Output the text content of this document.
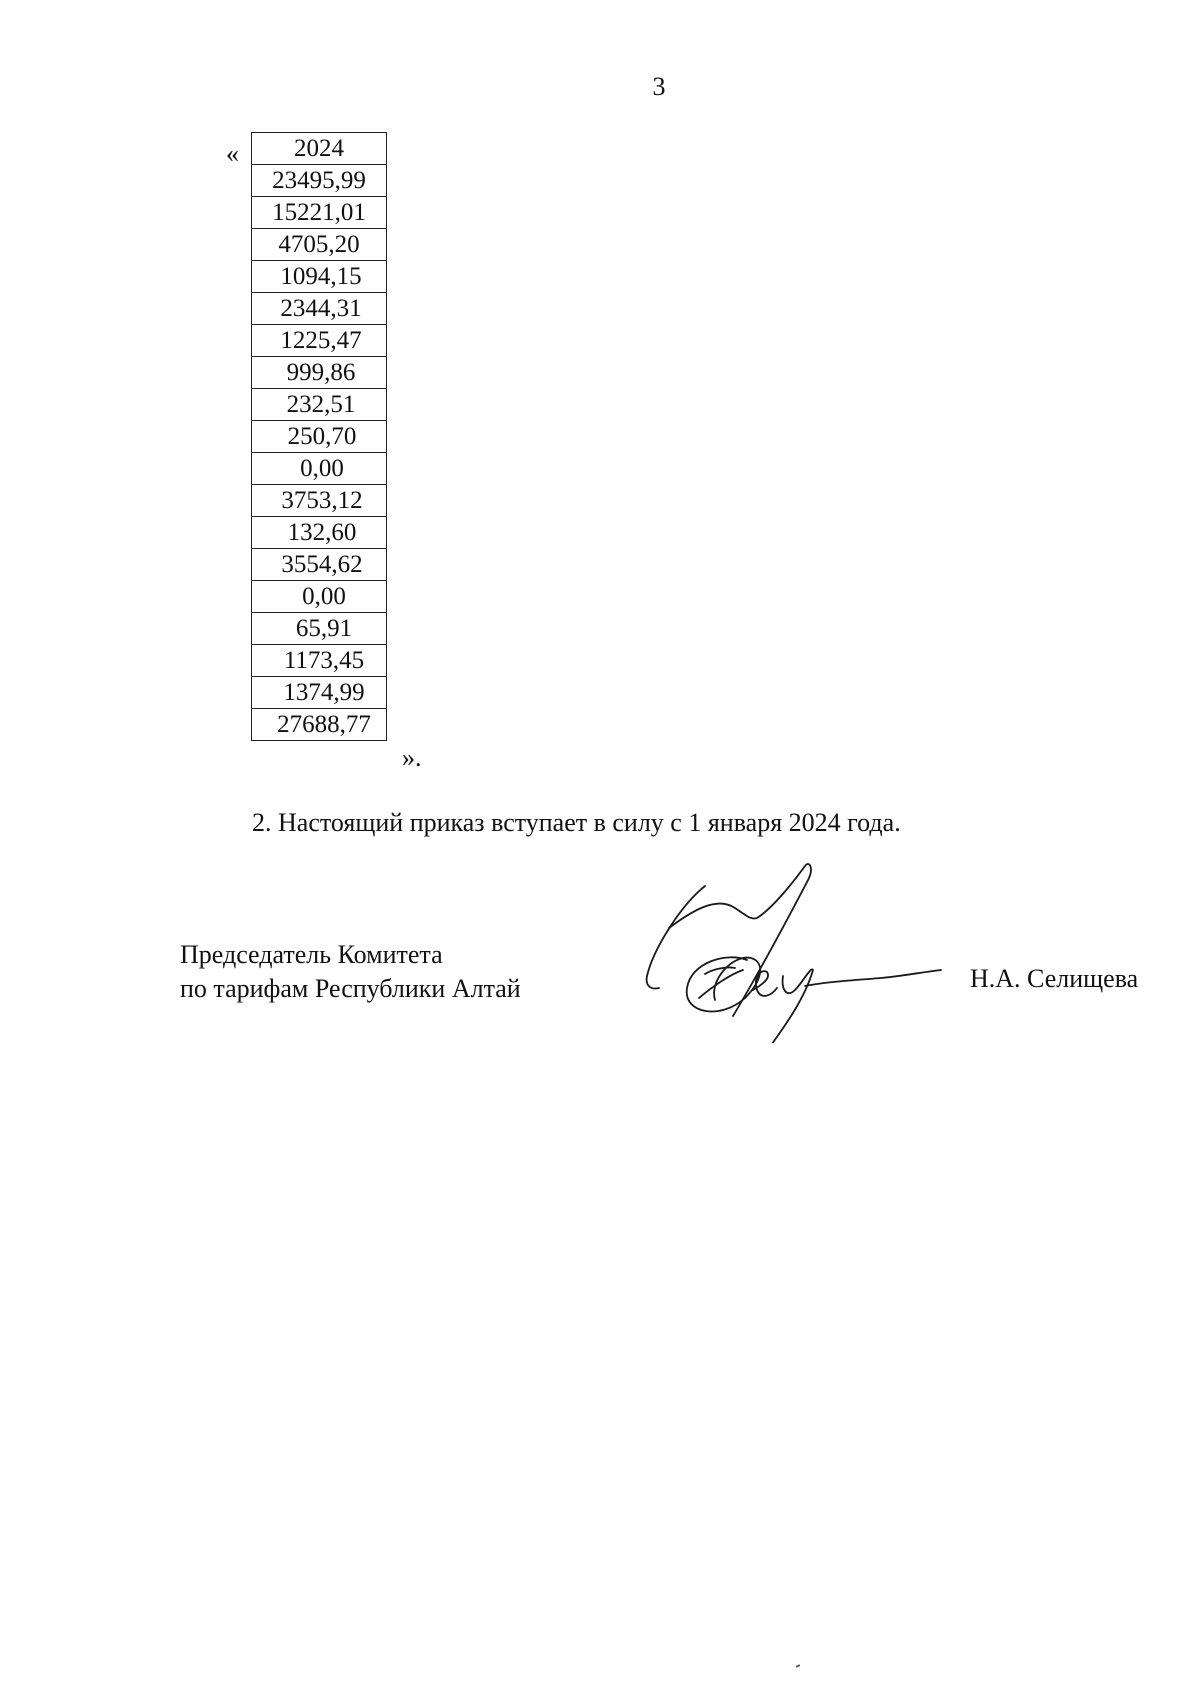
3
« 2024
23495,99
15221,01
4705,20
1094,15
2344,31
1225,47
999,86
232,51
250,70
0,00
3753,12
132,60
3554,62
0,00
65,91
1173,45
1374,99
27688,77
».
2. Настоящий приказ вступает в силу с 1 января 2024 года.
Председатель Комитета
по тарифам Республики Алтай	Н.А. Селищева
